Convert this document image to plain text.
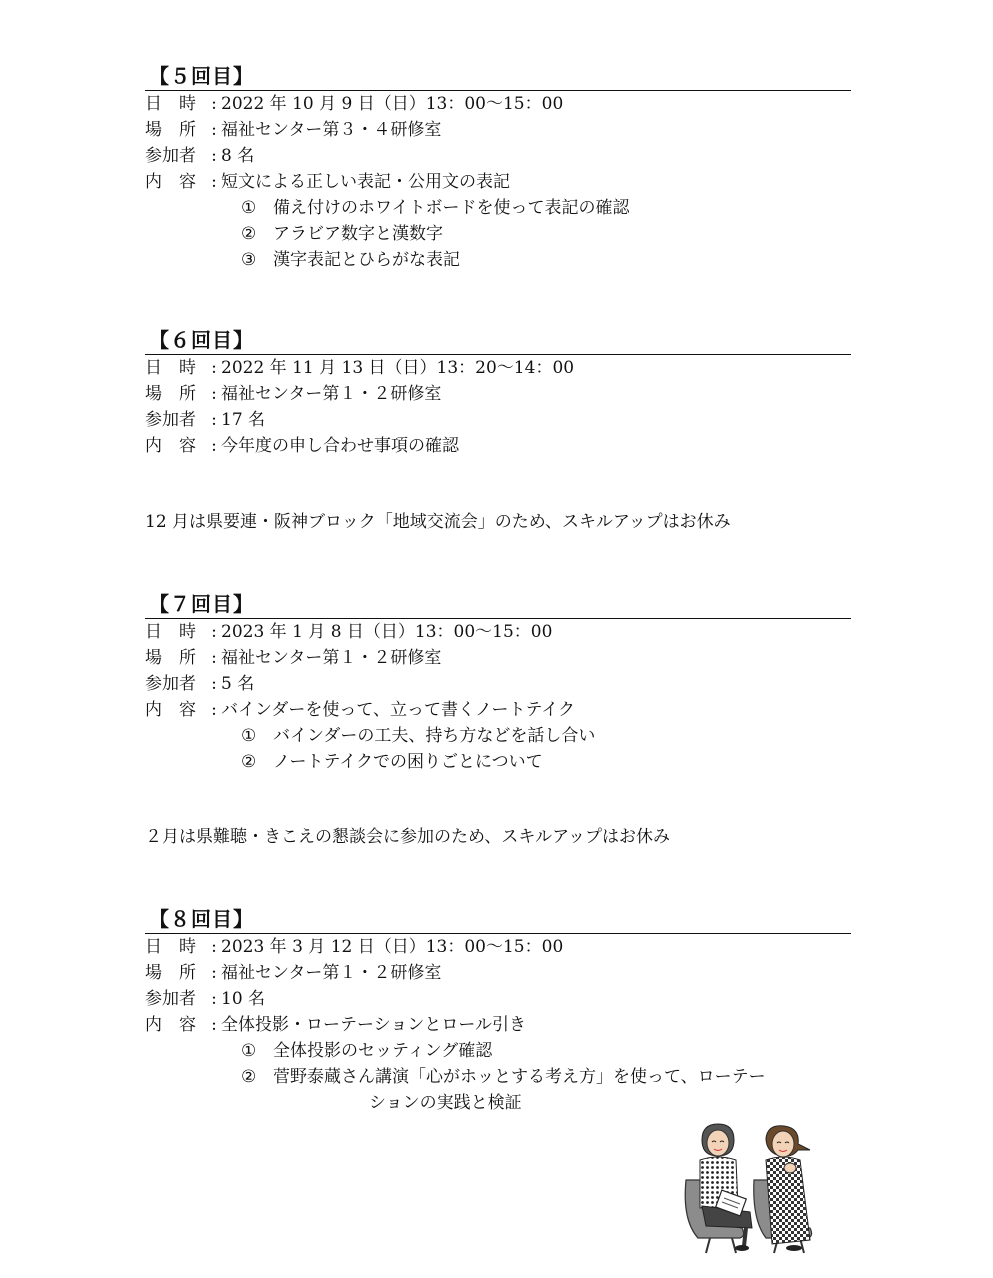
【５回目】
日　時 : 2022 年 10 月 9 日（日）13：00～15：00
場　所 : 福祉センター第３・４研修室
参加者 : 8 名
内　容 : 短文による正しい表記・公用文の表記
① 備え付けのホワイトボードを使って表記の確認
② アラビア数字と漢数字
③ 漢字表記とひらがな表記
【６回目】
日　時 : 2022 年 11 月 13 日（日）13：20～14：00
場　所 : 福祉センター第１・２研修室
参加者 : 17 名
内　容 : 今年度の申し合わせ事項の確認
12 月は県要連・阪神ブロック「地域交流会」のため、スキルアップはお休み
【７回目】
日　時 : 2023 年 1 月 8 日（日）13：00～15：00
場　所 : 福祉センター第１・２研修室
参加者 : 5 名
内　容 : バインダーを使って、立って書くノートテイク
① バインダーの工夫、持ち方などを話し合い
② ノートテイクでの困りごとについて
２月は県難聴・きこえの懇談会に参加のため、スキルアップはお休み
【８回目】
日　時 : 2023 年 3 月 12 日（日）13：00～15：00
場　所 : 福祉センター第１・２研修室
参加者 : 10 名
内　容 : 全体投影・ローテーションとロール引き
① 全体投影のセッティング確認
② 菅野泰蔵さん講演「心がホッとする考え方」を使って、ローテー
ションの実践と検証
